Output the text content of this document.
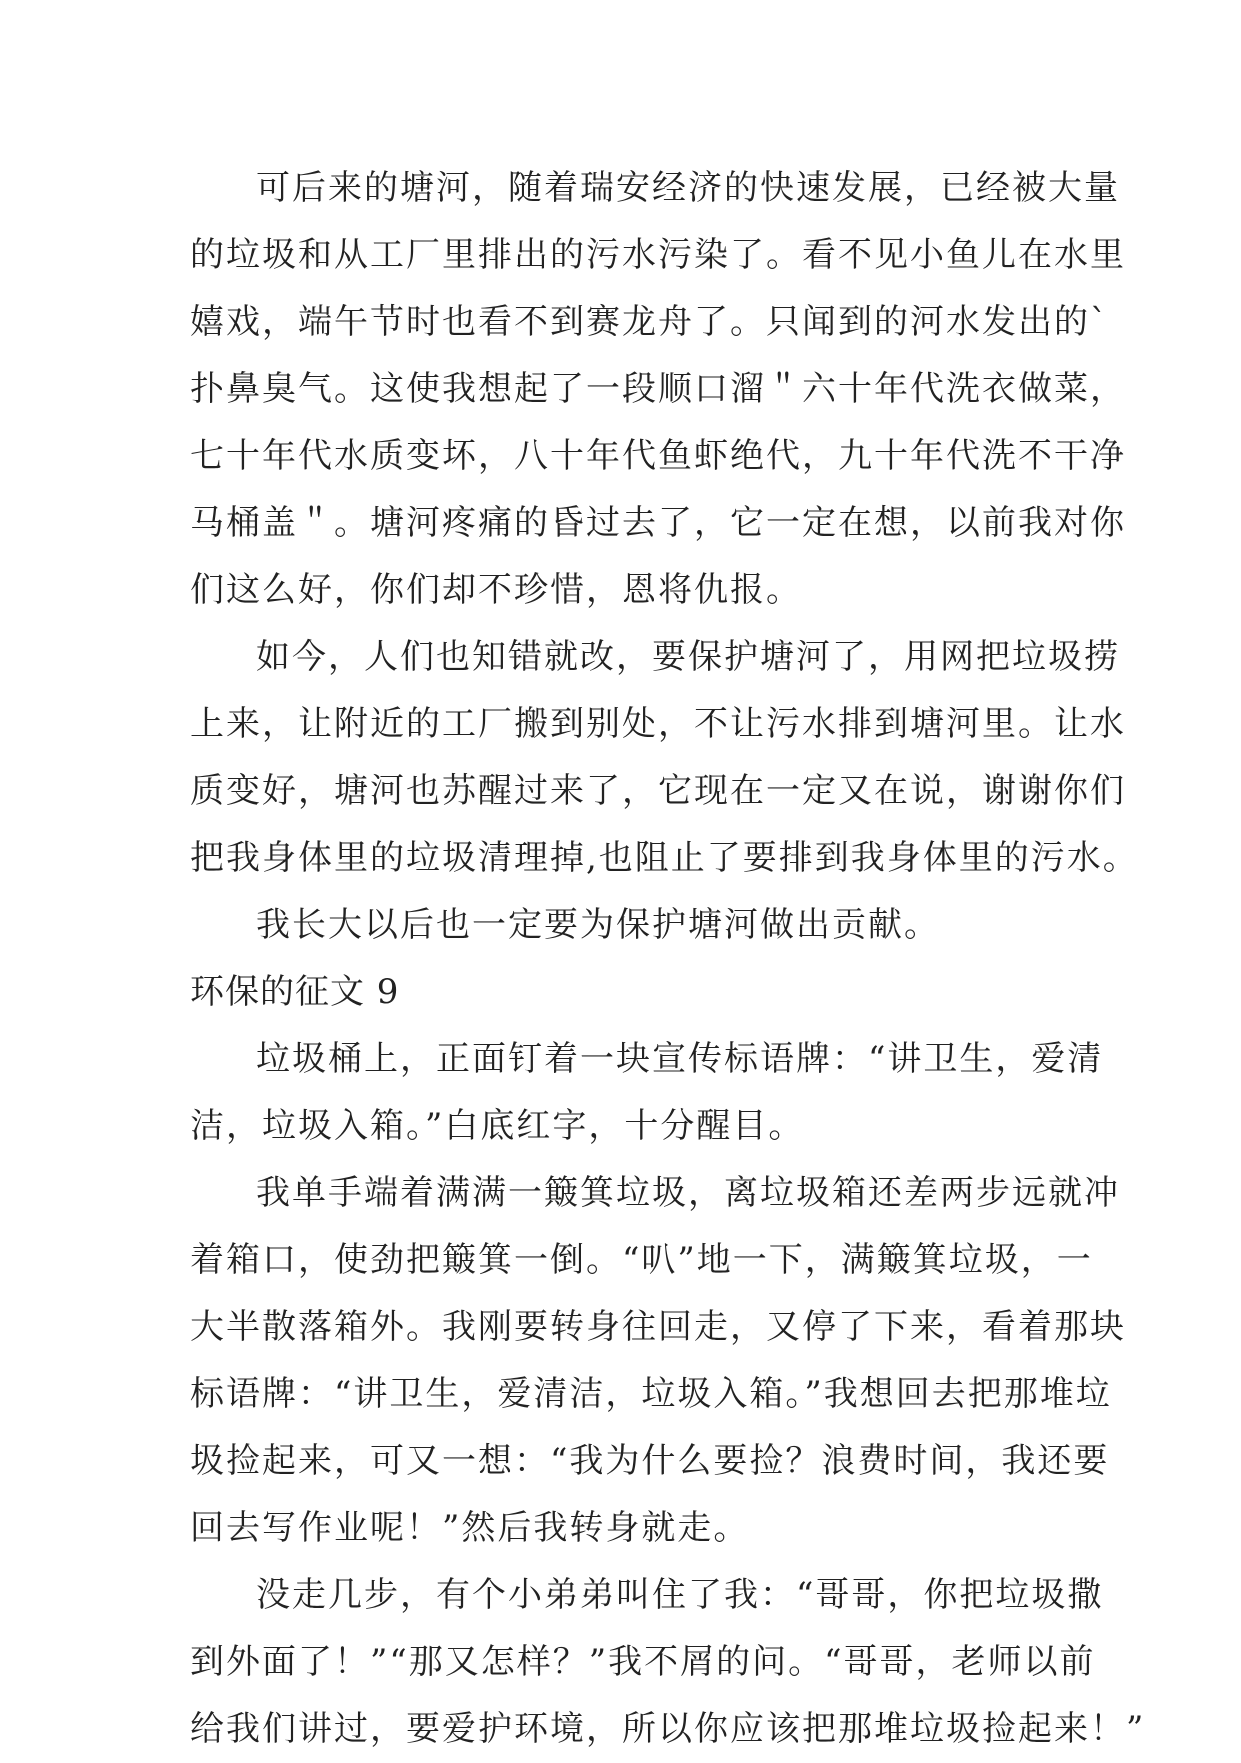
可后来的塘河，随着瑞安经济的快速发展，已经被大量
的垃圾和从工厂里排出的污水污染了。看不见小鱼儿在水里
嬉戏，端午节时也看不到赛龙舟了。只闻到的河水发出的`
扑鼻臭气。这使我想起了一段顺口溜＂六十年代洗衣做菜，
七十年代水质变坏，八十年代鱼虾绝代，九十年代洗不干净
马桶盖＂。塘河疼痛的昏过去了，它一定在想，以前我对你
们这么好，你们却不珍惜，恩将仇报。
如今，人们也知错就改，要保护塘河了，用网把垃圾捞
上来，让附近的工厂搬到别处，不让污水排到塘河里。让水
质变好，塘河也苏醒过来了，它现在一定又在说，谢谢你们
把我身体里的垃圾清理掉,也阻止了要排到我身体里的污水。
我长大以后也一定要为保护塘河做出贡献。
环保的征文 9
垃圾桶上，正面钉着一块宣传标语牌：“讲卫生，爱清
洁，垃圾入箱。”白底红字，十分醒目。
我单手端着满满一簸箕垃圾，离垃圾箱还差两步远就冲
着箱口，使劲把簸箕一倒。“叭”地一下，满簸箕垃圾，一
大半散落箱外。我刚要转身往回走，又停了下来，看着那块
标语牌：“讲卫生，爱清洁，垃圾入箱。”我想回去把那堆垃
圾捡起来，可又一想：“我为什么要捡？浪费时间，我还要
回去写作业呢！”然后我转身就走。
没走几步，有个小弟弟叫住了我：“哥哥，你把垃圾撒
到外面了！”“那又怎样？”我不屑的问。“哥哥，老师以前
给我们讲过，要爱护环境，所以你应该把那堆垃圾捡起来！”
